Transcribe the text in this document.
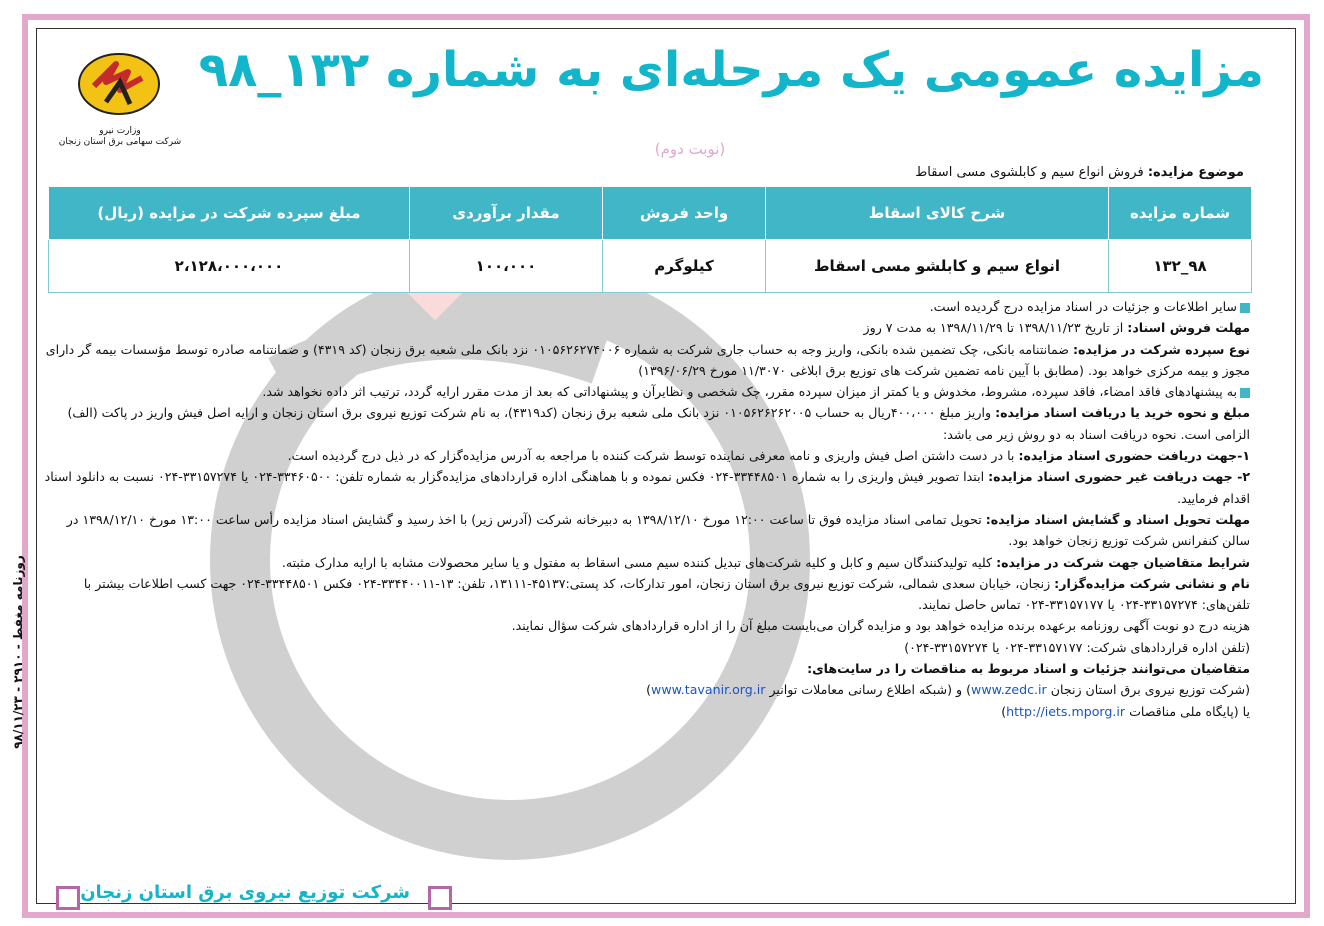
مزایده عمومی یک مرحله‌ای به شماره ۱۳۲_۹۸
(نوبت دوم)
وزارت نیرو
شرکت سهامی برق استان زنجان
موضوع مزایده: فروش انواع سیم و کابلشوی مسی اسقاط
شماره مزایده	شرح کالای اسقاط	واحد فروش	مقدار برآوردی	مبلغ سپرده شرکت در مزایده (ریال)
۹۸_۱۳۲	انواع سیم و کابلشو مسی اسقاط	کیلوگرم	۱۰۰،۰۰۰	۲،۱۲۸،۰۰۰،۰۰۰

سایر اطلاعات و جزئیات در اسناد مزایده درج گردیده است.

مهلت فروش اسناد: از تاریخ ۱۳۹۸/۱۱/۲۳ تا ۱۳۹۸/۱۱/۲۹ به مدت ۷ روز

نوع سپرده شرکت در مزایده: ضمانتنامه بانکی، چک تضمین شده بانکی، واریز وجه به حساب جاری شرکت به شماره ۰۱۰۵۶۲۶۲۷۴۰۰۶ نزد بانک ملی شعبه برق زنجان (کد ۴۳۱۹) و ضمانتنامه صادره توسط مؤسسات بیمه گر دارای مجوز و بیمه مرکزی خواهد بود. (مطابق با آیین نامه تضمین شرکت های توزیع برق ابلاغی ۱۱/۳۰۷۰ مورخ ۱۳۹۶/۰۶/۲۹)

به پیشنهادهای فاقد امضاء، فاقد سپرده، مشروط، مخدوش و یا کمتر از میزان سپرده مقرر، چک شخصی و نظایرآن و پیشنهاداتی که بعد از مدت مقرر ارایه گردد، ترتیب اثر داده نخواهد شد.

مبلغ و نحوه خرید یا دریافت اسناد مزایده: واریز مبلغ ۴۰۰،۰۰۰ریال به حساب ۰۱۰۵۶۲۶۲۶۲۰۰۵ نزد بانک ملی شعبه برق زنجان (کد۴۳۱۹)، به نام شرکت توزیع نیروی برق استان زنجان و ارایه اصل فیش واریز در پاکت (الف) الزامی است. نحوه دریافت اسناد به دو روش زیر می باشد:

۱-جهت دریافت حضوری اسناد مزایده: با در دست داشتن اصل فیش واریزی و نامه معرفی نماینده توسط شرکت کننده با مراجعه به آدرس مزایده‌گزار که در ذیل درج گردیده است.

۲- جهت دریافت غیر حضوری اسناد مزایده: ابتدا تصویر فیش واریزی را به شماره ۳۳۴۴۸۵۰۱-۰۲۴ فکس نموده و با هماهنگی اداره قراردادهای مزایده‌گزار به شماره تلفن: ۳۳۴۶۰۵۰۰-۰۲۴ یا ۳۳۱۵۷۲۷۴-۰۲۴ نسبت به دانلود اسناد اقدام فرمایید.

مهلت تحویل اسناد و گشایش اسناد مزایده: تحویل تمامی اسناد مزایده فوق تا ساعت ۱۲:۰۰ مورخ ۱۳۹۸/۱۲/۱۰ به دبیرخانه شرکت (آدرس زیر) با اخذ رسید و گشایش اسناد مزایده رأس ساعت ۱۳:۰۰ مورخ ۱۳۹۸/۱۲/۱۰ در سالن کنفرانس شرکت توزیع زنجان خواهد بود.

شرایط متقاضیان جهت شرکت در مزایده: کلیه تولیدکنندگان سیم و کابل و کلیه شرکت‌های تبدیل کننده سیم مسی اسقاط به مفتول و یا سایر محصولات مشابه با ارایه مدارک مثبته.

نام و نشانی شرکت مزایده‌گزار: زنجان، خیابان سعدی شمالی، شرکت توزیع نیروی برق استان زنجان، امور تدارکات، کد پستی:۴۵۱۳۷-۱۳۱۱۱، تلفن: ۱۳-۳۳۴۴۰۰۱۱-۰۲۴ فکس ۳۳۴۴۸۵۰۱-۰۲۴ جهت کسب اطلاعات بیشتر با تلفن‌های: ۳۳۱۵۷۲۷۴-۰۲۴ یا ۳۳۱۵۷۱۷۷-۰۲۴ تماس حاصل نمایند.

هزینه درج دو نوبت آگهی روزنامه برعهده برنده مزایده خواهد بود و مزایده گران می‌بایست مبلغ آن را از اداره قراردادهای شرکت سؤال نمایند.

(تلفن اداره قراردادهای شرکت: ۳۳۱۵۷۱۷۷-۰۲۴ یا ۳۳۱۵۷۲۷۴-۰۲۴)

متقاضیان می‌توانند جزئیات و اسناد مربوط به مناقصات را در سایت‌های:

(شرکت توزیع نیروی برق استان زنجان www.zedc.ir) و (شبکه اطلاع رسانی معاملات توانیر www.tavanir.org.ir)

یا (پایگاه ملی مناقصات http://iets.mporg.ir)

روزنامه مغفط - ۲۹۱۰ - ۹۸/۱۱/۲۳
شرکت توزیع نیروی برق استان زنجان
